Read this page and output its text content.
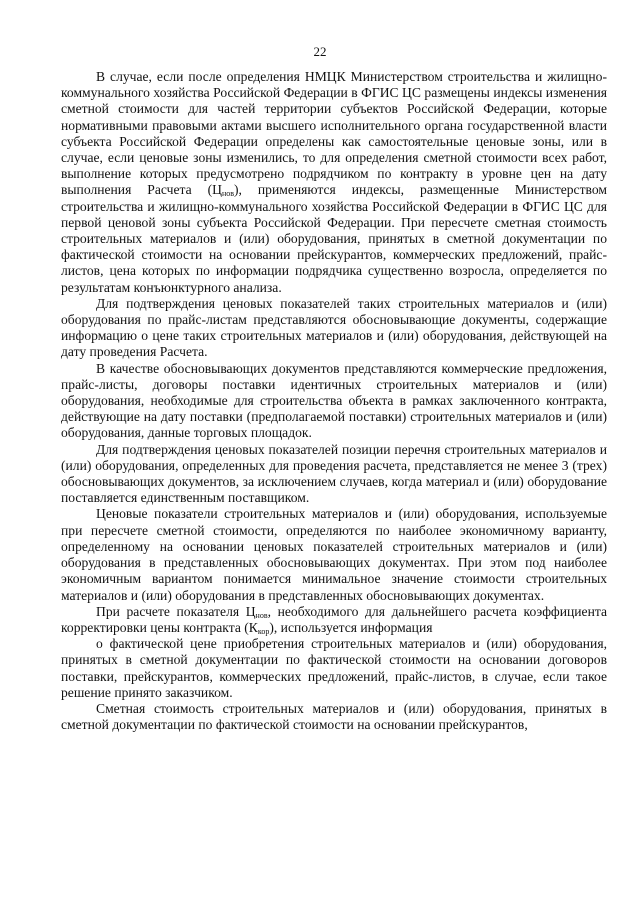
22

В случае, если после определения НМЦК Министерством строительства и жилищно-коммунального хозяйства Российской Федерации в ФГИС ЦС размещены индексы изменения сметной стоимости для частей территории субъектов Российской Федерации, которые нормативными правовыми актами высшего исполнительного органа государственной власти субъекта Российской Федерации определены как самостоятельные ценовые зоны, или в случае, если ценовые зоны изменились, то для определения сметной стоимости всех работ, выполнение которых предусмотрено подрядчиком по контракту в уровне цен на дату выполнения Расчета $(Ц_{нов})$, применяются индексы, размещенные Министерством строительства и жилищно-коммунального хозяйства Российской Федерации в ФГИС ЦС для первой ценовой зоны субъекта Российской Федерации. При пересчете сметная стоимость строительных материалов и (или) оборудования, принятых в сметной документации по фактической стоимости на основании прейскурантов, коммерческих предложений, прайс-листов, цена которых по информации подрядчика существенно возросла, определяется по результатам конъюнктурного анализа.

Для подтверждения ценовых показателей таких строительных материалов и (или) оборудования по прайс-листам представляются обосновывающие документы, содержащие информацию о цене таких строительных материалов и (или) оборудования, действующей на дату проведения Расчета.

В качестве обосновывающих документов представляются коммерческие предложения, прайс-листы, договоры поставки идентичных строительных материалов и (или) оборудования, необходимые для строительства объекта в рамках заключенного контракта, действующие на дату поставки (предполагаемой поставки) строительных материалов и (или) оборудования, данные торговых площадок.

Для подтверждения ценовых показателей позиции перечня строительных материалов и (или) оборудования, определенных для проведения расчета, представляется не менее 3 (трех) обосновывающих документов, за исключением случаев, когда материал и (или) оборудование поставляется единственным поставщиком.

Ценовые показатели строительных материалов и (или) оборудования, используемые при пересчете сметной стоимости, определяются по наиболее экономичному варианту, определенному на основании ценовых показателей строительных материалов и (или) оборудования в представленных обосновывающих документах. При этом под наиболее экономичным вариантом понимается минимальное значение стоимости строительных материалов и (или) оборудования в представленных обосновывающих документах.

При расчете показателя $Ц_{нов}$, необходимого для дальнейшего расчета коэффициента корректировки цены контракта $(К_{кор})$, используется информация

о фактической цене приобретения строительных материалов и (или) оборудования, принятых в сметной документации по фактической стоимости на основании договоров поставки, прейскурантов, коммерческих предложений, прайс-листов, в случае, если такое решение принято заказчиком.

Сметная стоимость строительных материалов и (или) оборудования, принятых в сметной документации по фактической стоимости на основании прейскурантов,
